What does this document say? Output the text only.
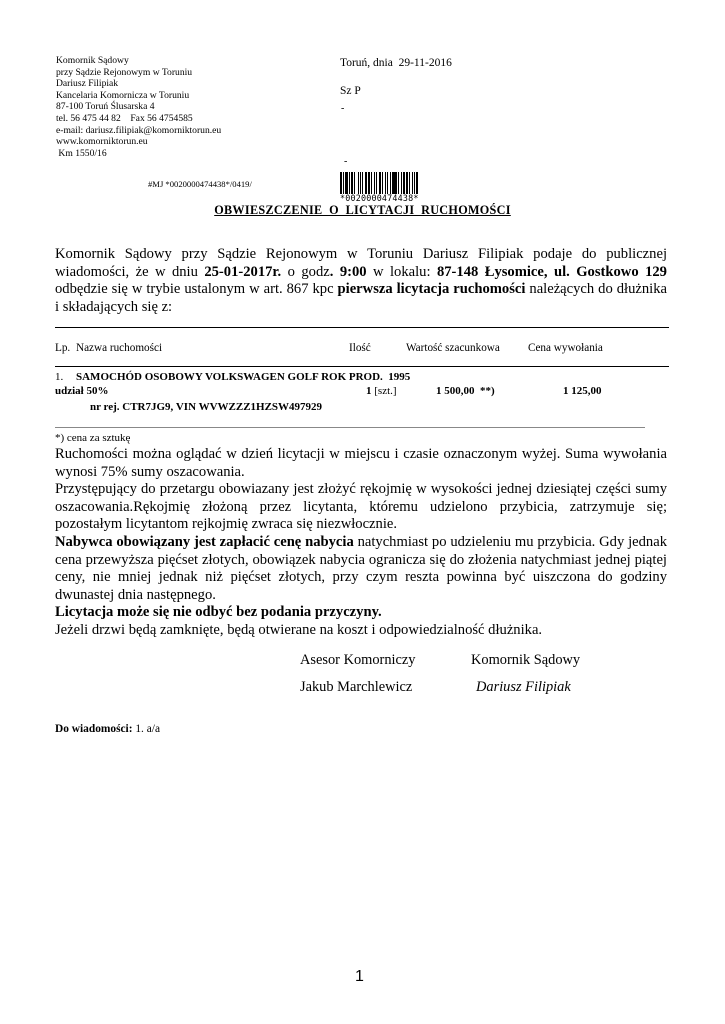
Komornik Sądowy
przy Sądzie Rejonowym w Toruniu
Dariusz Filipiak
Kancelaria Komornicza w Toruniu
87-100 Toruń Ślusarska 4
tel. 56 475 44 82    Fax 56 4754585
e-mail: dariusz.filipiak@komorniktorun.eu
www.komorniktorun.eu
Km 1550/16
Toruń, dnia  29-11-2016
Sz P
-
-
#MJ *0020000474438*/0419/
*0020000474438*
OBWIESZCZENIE  O  LICYTACJI  RUCHOMOŚCI
Komornik Sądowy przy Sądzie Rejonowym w Toruniu Dariusz Filipiak podaje do publicznej wiadomości, że w dniu 25-01-2017r. o godz. 9:00 w lokalu: 87-148 Łysomice, ul. Gostkowo 129 odbędzie się w trybie ustalonym w art. 867 kpc pierwsza licytacja ruchomości należących do dłużnika i składających się z:
Lp. Nazwa ruchomości	Ilość	Wartość szacunkowa	Cena wywołania
1. SAMOCHÓD OSOBOWY VOLKSWAGEN GOLF ROK PROD.  1995
udział 50%	1 [szt.]	1 500,00  **)	1 125,00
nr rej. CTR7JG9, VIN WVWZZZ1HZSW497929
*) cena za sztukę

Ruchomości można oglądać w dzień licytacji w miejscu i czasie oznaczonym wyżej. Suma wywołania wynosi 75% sumy oszacowania.

Przystępujący do przetargu obowiazany jest złożyć rękojmię w wysokości jednej dziesiątej części sumy oszacowania.Rękojmię złożoną przez licytanta, któremu udzielono przybicia, zatrzymuje się; pozostałym licytantom rejkojmię zwraca się niezwłocznie.

Nabywca obowiązany jest zapłacić cenę nabycia natychmiast po udzieleniu mu przybicia. Gdy jednak cena przewyższa pięćset złotych, obowiązek nabycia ogranicza się do złożenia natychmiast jednej piątej ceny, nie mniej jednak niż pięćset złotych, przy czym reszta powinna być uiszczona do godziny dwunastej dnia następnego.

Licytacja może się nie odbyć bez podania przyczyny.

Jeżeli drzwi będą zamknięte, będą otwierane na koszt i odpowiedzialność dłużnika.

Asesor Komorniczy
Jakub Marchlewicz
Komornik Sądowy
Dariusz Filipiak
Do wiadomości: 1. a/a
1
